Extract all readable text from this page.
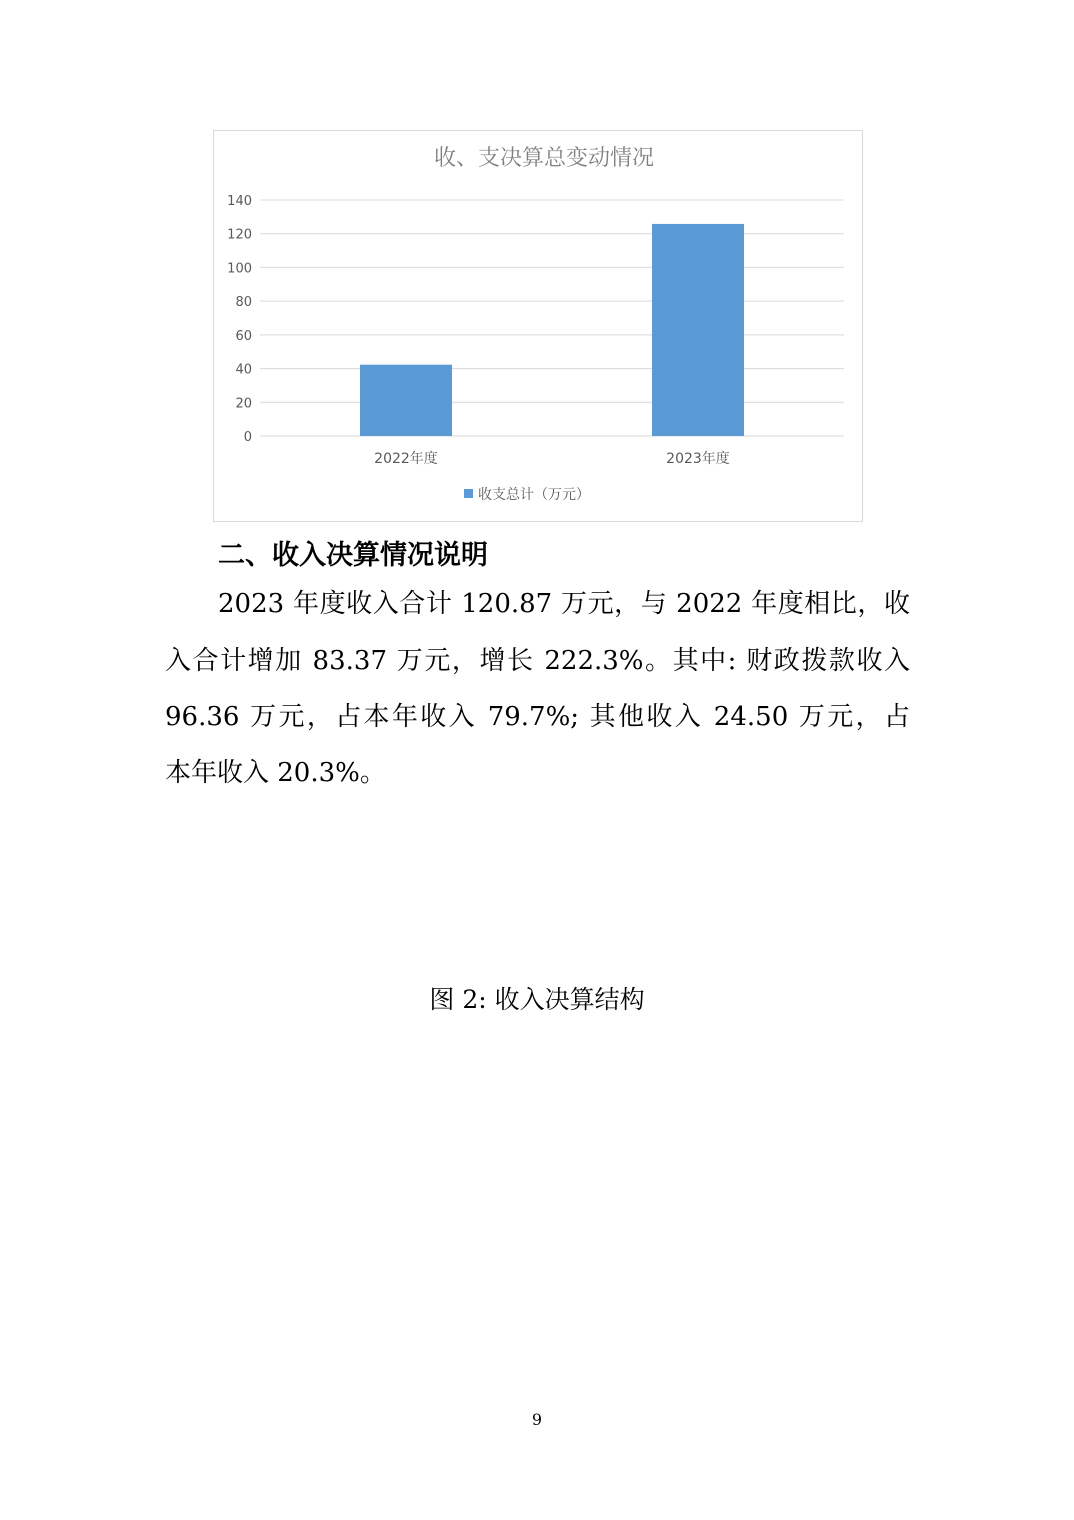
收、支决算总变动情况
0
20
40
60
80
100
120
140
2022年度	2023年度
收支总计（万元）
二、收入决算情况说明

2023 年度收入合计 120.87 万元，与 2022 年度相比，收

入合计增加 83.37 万元，增长 222.3%。其中: 财政拨款收入

96.36 万元，占本年收入 79.7%; 其他收入 24.50 万元，占

本年收入 20.3%。

图 2: 收入决算结构

9
